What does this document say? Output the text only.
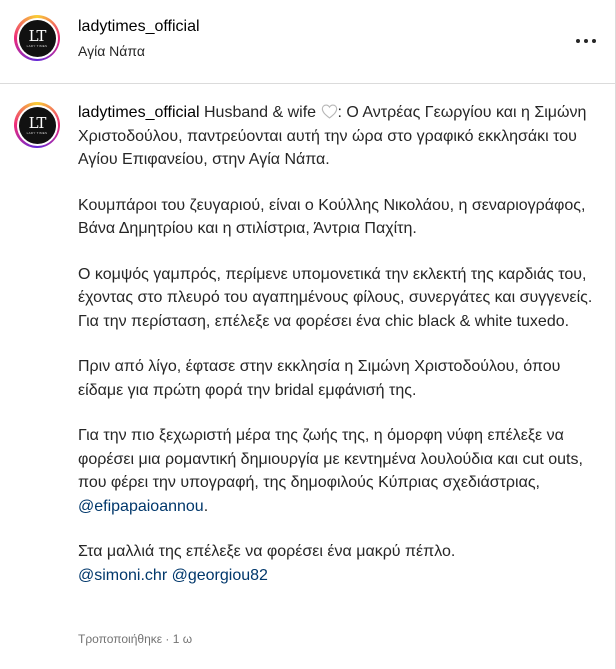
LT
LADY TIMES
ladytimes_official
Αγία Νάπα
LT
LADY TIMES

ladytimes_official Husband & wife : Ο Αντρέας Γεωργίου και η Σιμώνη Χριστοδούλου, παντρεύονται αυτή την ώρα στο γραφικό εκκλησάκι του Αγίου Επιφανείου, στην Αγία Νάπα.

Κουμπάροι του ζευγαριού, είναι ο Κούλλης Νικολάου, η σεναριογράφος, Βάνα Δημητρίου και η στιλίστρια, Άντρια Παχίτη.

Ο κομψός γαμπρός, περίμενε υπομονετικά την εκλεκτή της καρδιάς του, έχοντας στο πλευρό του αγαπημένους φίλους, συνεργάτες και συγγενείς. Για την περίσταση, επέλεξε να φορέσει ένα chic black & white tuxedo.

Πριν από λίγο, έφτασε στην εκκλησία η Σιμώνη Χριστοδούλου, όπου είδαμε για πρώτη φορά την bridal εμφάνισή της.

Για την πιο ξεχωριστή μέρα της ζωής της, η όμορφη νύφη επέλεξε να φορέσει μια ρομαντική δημιουργία με κεντημένα λουλούδια και cut outs, που φέρει την υπογραφή, της δημοφιλούς Κύπριας σχεδιάστριας, @efipapaioannou.

Στα μαλλιά της επέλεξε να φορέσει ένα μακρύ πέπλο.
@simoni.chr @georgiou82

Τροποποιήθηκε · 1 ω
